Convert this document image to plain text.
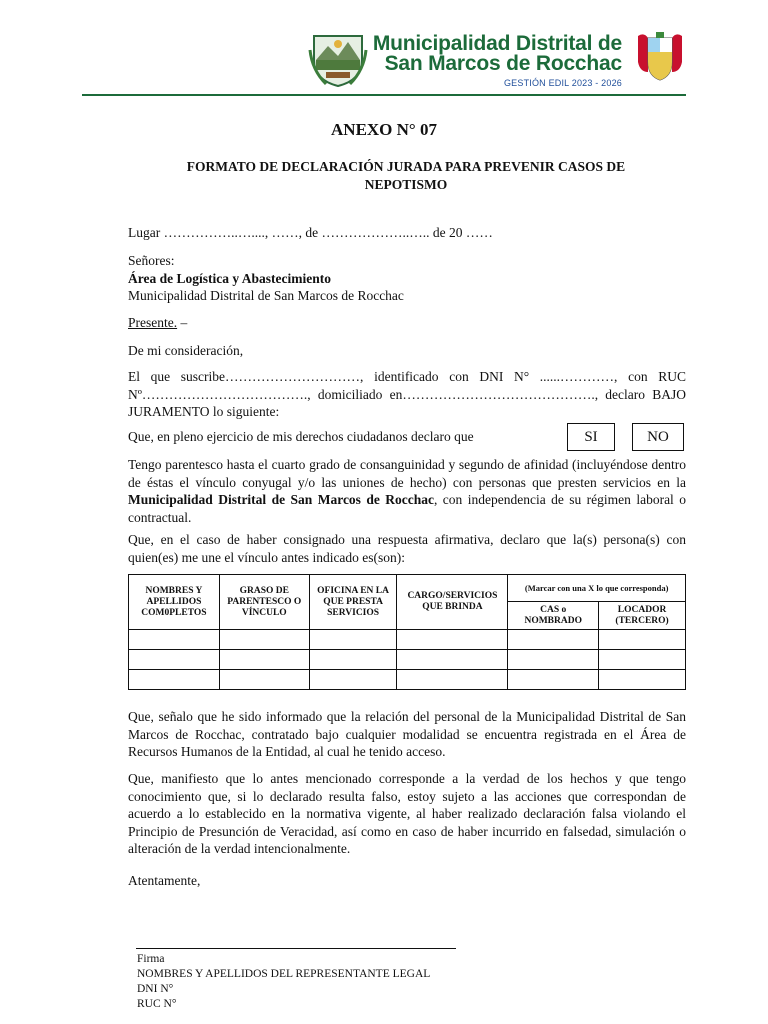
Municipalidad Distrital de
San Marcos de Rocchac
GESTIÓN EDIL 2023 - 2026
ANEXO N° 07
FORMATO DE DECLARACIÓN JURADA PARA PREVENIR CASOS DE NEPOTISMO
Lugar ……………..…...., ……, de ………………..….. de 20 ……
Señores:
Área de Logística y Abastecimiento
Municipalidad Distrital de San Marcos de Rocchac
Presente. –
De mi consideración,
El que suscribe…………………………, identificado con DNI N° ......…………, con RUC Nº………………………………., domiciliado en……………………………………., declaro BAJO JURAMENTO lo siguiente:
Que, en pleno ejercicio de mis derechos ciudadanos declaro que	SI	NO
Tengo parentesco hasta el cuarto grado de consanguinidad y segundo de afinidad (incluyéndose dentro de éstas el vínculo conyugal y/o las uniones de hecho) con personas que presten servicios en la Municipalidad Distrital de San Marcos de Rocchac, con independencia de su régimen laboral o contractual.
Que, en el caso de haber consignado una respuesta afirmativa, declaro que la(s) persona(s) con quien(es) me une el vínculo antes indicado es(son):
NOMBRES Y APELLIDOS COM0PLETOS	GRASO DE PARENTESCO O VÍNCULO	OFICINA EN LA QUE PRESTA SERVICIOS	CARGO/SERVICIOS QUE BRINDA	(Marcar con una X lo que corresponda)	
				CAS o NOMBRADO	LOCADOR (TERCERO)

Que, señalo que he sido informado que la relación del personal de la Municipalidad Distrital de San Marcos de Rocchac, contratado bajo cualquier modalidad se encuentra registrada en el Área de Recursos Humanos de la Entidad, al cual he tenido acceso.
Que, manifiesto que lo antes mencionado corresponde a la verdad de los hechos y que tengo conocimiento que, si lo declarado resulta falso, estoy sujeto a las acciones que correspondan de acuerdo a lo establecido en la normativa vigente, al haber realizado declaración falsa violando el Principio de Presunción de Veracidad, así como en caso de haber incurrido en falsedad, simulación o alteración de la verdad intencionalmente.
Atentamente,
Firma
NOMBRES Y APELLIDOS DEL REPRESENTANTE LEGAL
DNI N°
RUC N°
